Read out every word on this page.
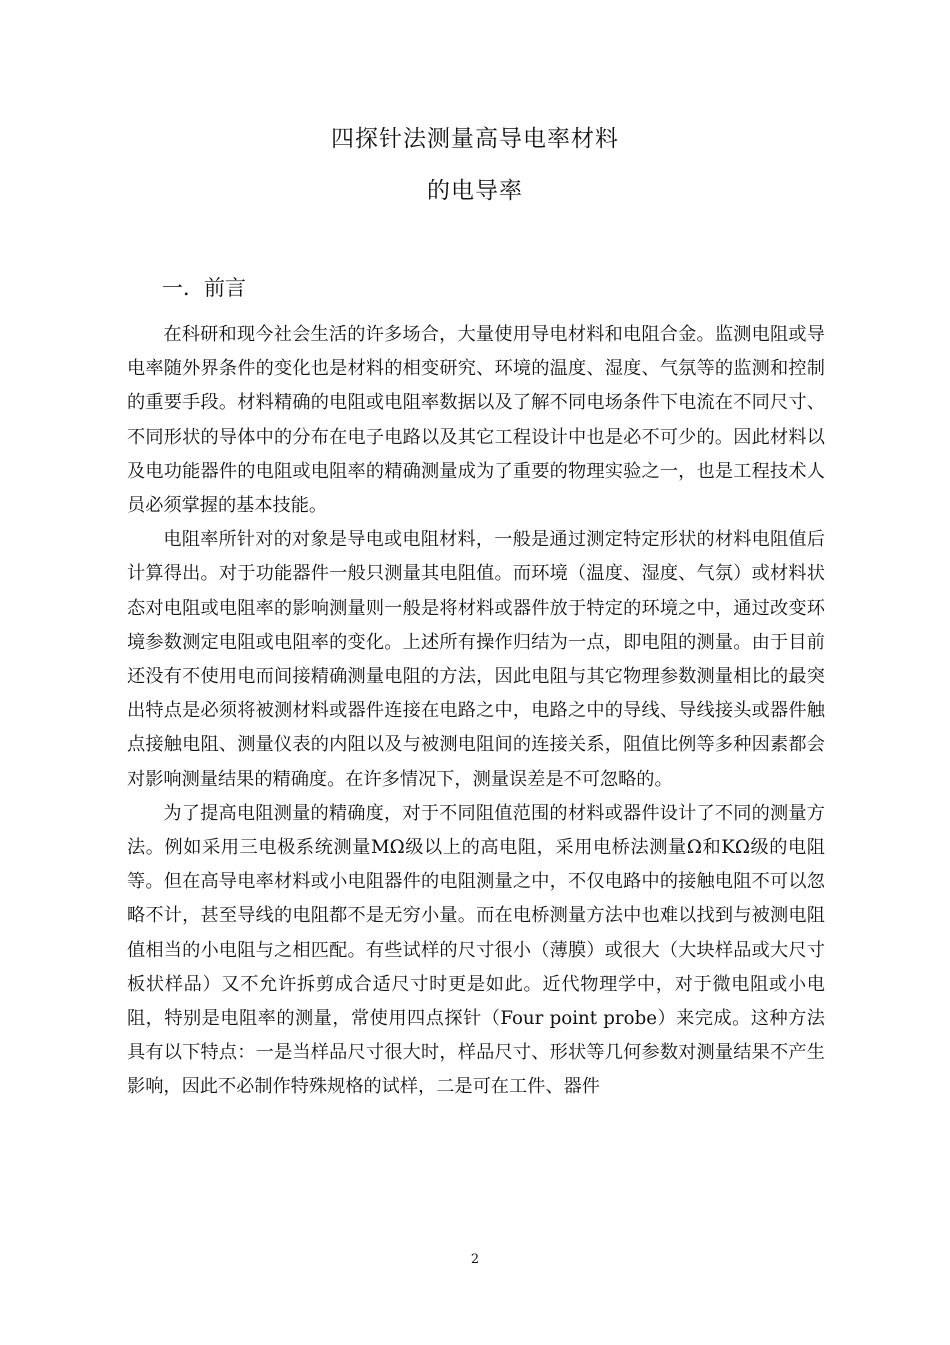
四探针法测量高导电率材料
的电导率
一．前言

在科研和现今社会生活的许多场合，大量使用导电材料和电阻合金。监测电阻或导电率随外界条件的变化也是材料的相变研究、环境的温度、湿度、气氛等的监测和控制的重要手段。材料精确的电阻或电阻率数据以及了解不同电场条件下电流在不同尺寸、不同形状的导体中的分布在电子电路以及其它工程设计中也是必不可少的。因此材料以及电功能器件的电阻或电阻率的精确测量成为了重要的物理实验之一，也是工程技术人员必须掌握的基本技能。

电阻率所针对的对象是导电或电阻材料，一般是通过测定特定形状的材料电阻值后计算得出。对于功能器件一般只测量其电阻值。而环境（温度、湿度、气氛）或材料状态对电阻或电阻率的影响测量则一般是将材料或器件放于特定的环境之中，通过改变环境参数测定电阻或电阻率的变化。上述所有操作归结为一点，即电阻的测量。由于目前还没有不使用电而间接精确测量电阻的方法，因此电阻与其它物理参数测量相比的最突出特点是必须将被测材料或器件连接在电路之中，电路之中的导线、导线接头或器件触点接触电阻、测量仪表的内阻以及与被测电阻间的连接关系，阻值比例等多种因素都会对影响测量结果的精确度。在许多情况下，测量误差是不可忽略的。

为了提高电阻测量的精确度，对于不同阻值范围的材料或器件设计了不同的测量方法。例如采用三电极系统测量MΩ级以上的高电阻，采用电桥法测量Ω和KΩ级的电阻等。但在高导电率材料或小电阻器件的电阻测量之中，不仅电路中的接触电阻不可以忽略不计，甚至导线的电阻都不是无穷小量。而在电桥测量方法中也难以找到与被测电阻值相当的小电阻与之相匹配。有些试样的尺寸很小（薄膜）或很大（大块样品或大尺寸板状样品）又不允许拆剪成合适尺寸时更是如此。近代物理学中，对于微电阻或小电阻，特别是电阻率的测量，常使用四点探针（Four point probe）来完成。这种方法具有以下特点：一是当样品尺寸很大时，样品尺寸、形状等几何参数对测量结果不产生影响，因此不必制作特殊规格的试样，二是可在工件、器件

2
